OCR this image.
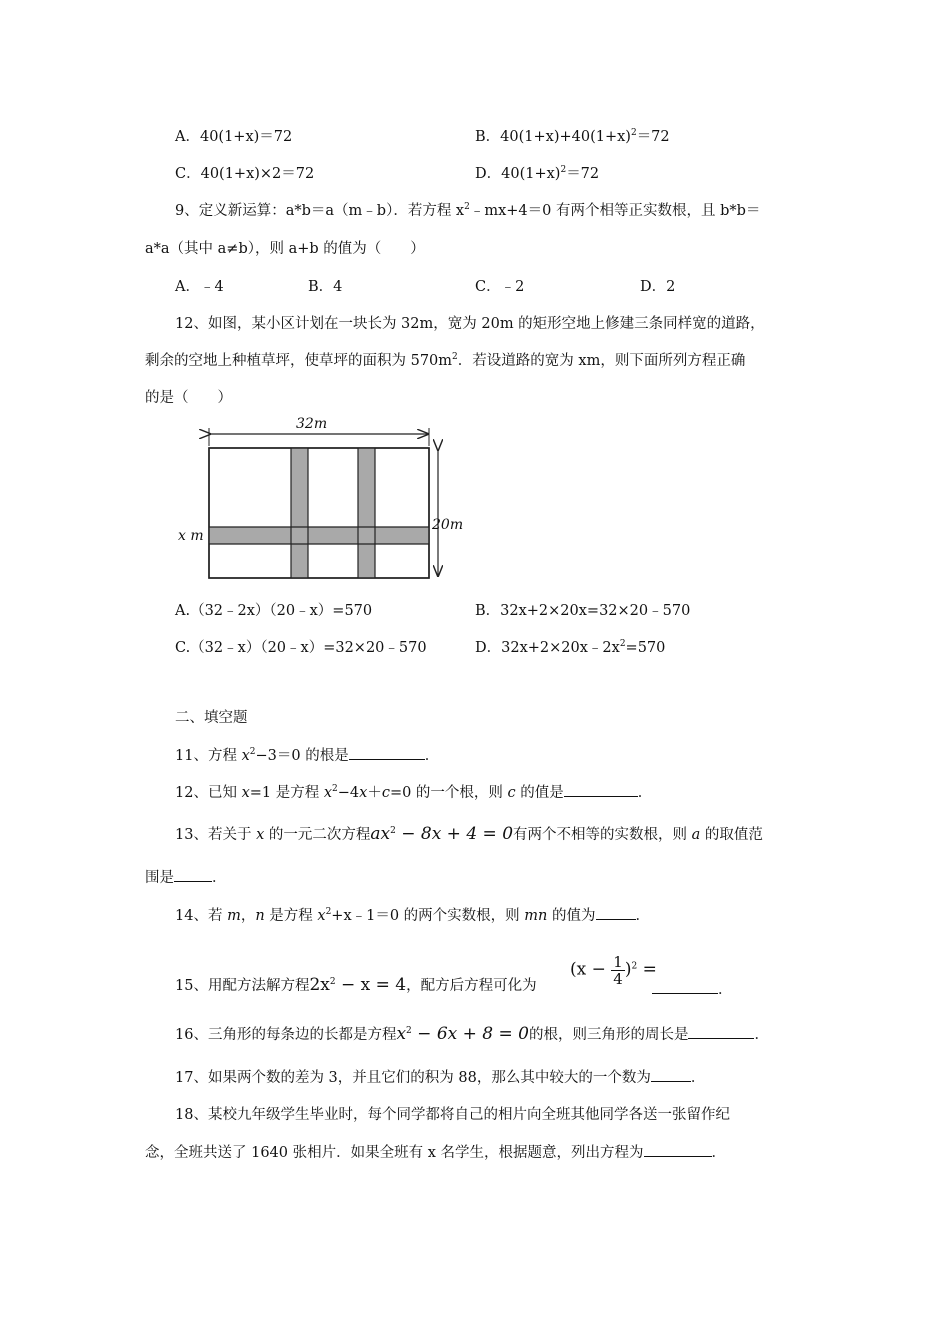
A．40(1+x)＝72	B．$40(1+x)+40(1+x)^2=72$
C．40(1+x)×2＝72	D．$40(1+x)^2=72$
9、定义新运算：a*b＝a（m﹣b）．若方程 $x^2﹣mx+4=0$ 有两个相等正实数根，且 b*b＝
a*a（其中 a≠b），则 a+b 的值为（　　）
A．﹣4	B．4	C．﹣2	D．2
12、如图，某小区计划在一块长为 32m，宽为 20m 的矩形空地上修建三条同样宽的道路，
剩余的空地上种植草坪，使草坪的面积为 $570m^2$．若设道路的宽为 xm，则下面所列方程正确
的是（　　）
32m
20m
x m
A.（32﹣2x）（20﹣x）=570	B．32x+2×20x=32×20﹣570
C.（32﹣x）（20﹣x）=32×20﹣570	D．$32x+2\times 20x﹣2x^2=570$
二、填空题
11、方程 $x^2-3=0$ 的根是	．
12、已知 x=1 是方程 $x^2-4x+c=0$ 的一个根，则 c 的值是	．
13、若关于 x 的一元二次方程$ax^2 - 8x + 4 = 0$有两个不相等的实数根，则 a 的取值范
围是	．
14、若 m，n 是方程 $x^2+x﹣1=0$ 的两个实数根，则 mn 的值为	．
15、用配方法解方程$2x^2 - x = 4$，配方后方程可化为
$(x - \frac{1}{4} )^2$ =
．
16、三角形的每条边的长都是方程$x^2 - 6x + 8 = 0$的根，则三角形的周长是	．
17、如果两个数的差为 3，并且它们的积为 88，那么其中较大的一个数为	．
18、某校九年级学生毕业时，每个同学都将自己的相片向全班其他同学各送一张留作纪
念，全班共送了 1640 张相片．如果全班有 x 名学生，根据题意，列出方程为	．
